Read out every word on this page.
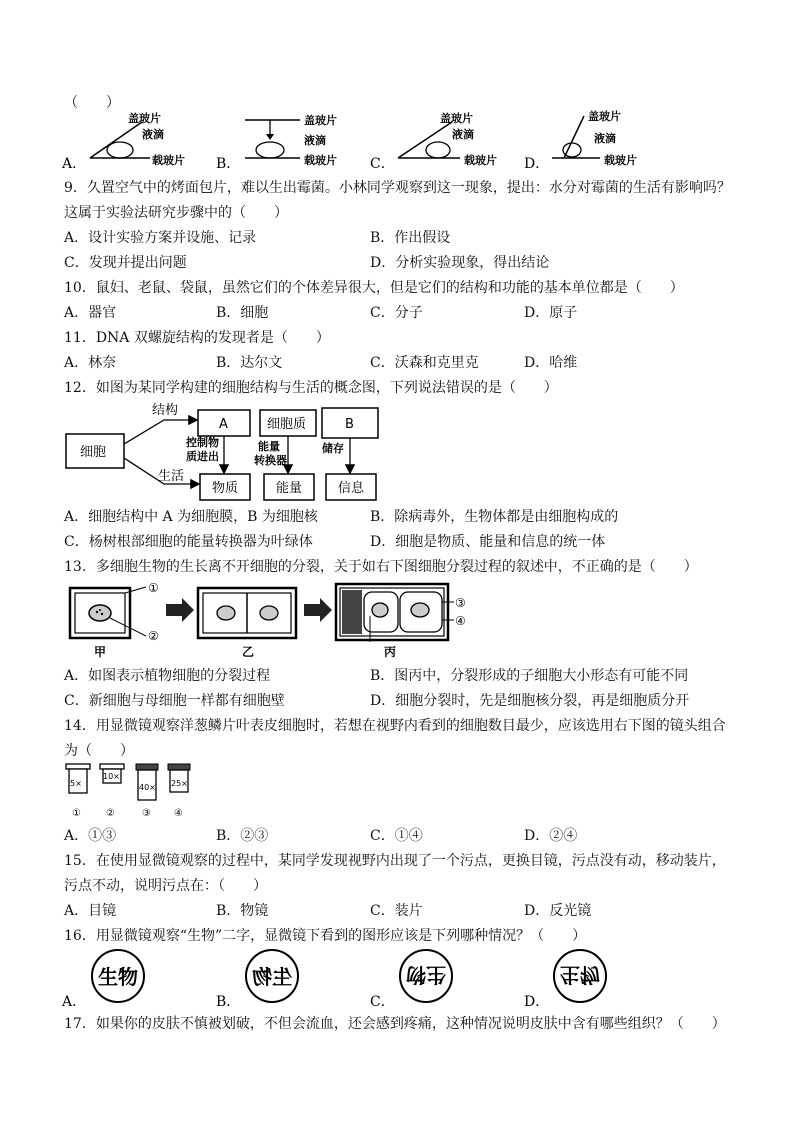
（　　）
A．
盖玻片
液滴
载玻片 B．
盖玻片
液滴
载玻片 C．
盖玻片
液滴
载玻片 D．
盖玻片
液滴
载玻片
9．久置空气中的烤面包片，难以生出霉菌。小林同学观察到这一现象，提出：水分对霉菌的生活有影响吗？
这属于实验法研究步骤中的（　　）
A．设计实验方案并设施、记录	B．作出假设
C．发现并提出问题	D．分析实验现象，得出结论
10．鼠妇、老鼠、袋鼠，虽然它们的个体差异很大，但是它们的结构和功能的基本单位都是（　　）
A．器官	B．细胞	C．分子	D．原子
11．DNA 双螺旋结构的发现者是（　　）
A．林奈	B．达尔文	C．沃森和克里克	D．哈维
12．如图为某同学构建的细胞结构与生活的概念图，下列说法错误的是（　　）
细胞
结构
生活
A	细胞质	B
控制物
质进出
能量
转换器
储存
物质	能量	信息
A．细胞结构中 A 为细胞膜，B 为细胞核	B．除病毒外，生物体都是由细胞构成的
C．杨树根部细胞的能量转换器为叶绿体	D．细胞是物质、能量和信息的统一体
13．多细胞生物的生长离不开细胞的分裂，关于如右下图细胞分裂过程的叙述中，不正确的是（　　）
①
②
甲	乙
③
④
丙
A．如图表示植物细胞的分裂过程	B．图丙中，分裂形成的子细胞大小形态有可能不同
C．新细胞与母细胞一样都有细胞壁	D．细胞分裂时，先是细胞核分裂，再是细胞质分开
14．用显微镜观察洋葱鳞片叶表皮细胞时，若想在视野内看到的细胞数目最少，应该选用右下图的镜头组合
为（　　）
5×
①
10×
②
40×
③
25×
④
A．①③	B．②③	C．①④	D．②④
15．在使用显微镜观察的过程中，某同学发现视野内出现了一个污点，更换目镜，污点没有动，移动装片，
污点不动，说明污点在：（　　）
A．目镜	B．物镜	C．装片	D．反光镜
16．用显微镜观察“生物”二字，显微镜下看到的图形应该是下列哪种情况？（　　）
A．
生物
B．
生物
C．
生物
D．
生物
17．如果你的皮肤不慎被划破，不但会流血，还会感到疼痛，这种情况说明皮肤中含有哪些组织？（　　）
